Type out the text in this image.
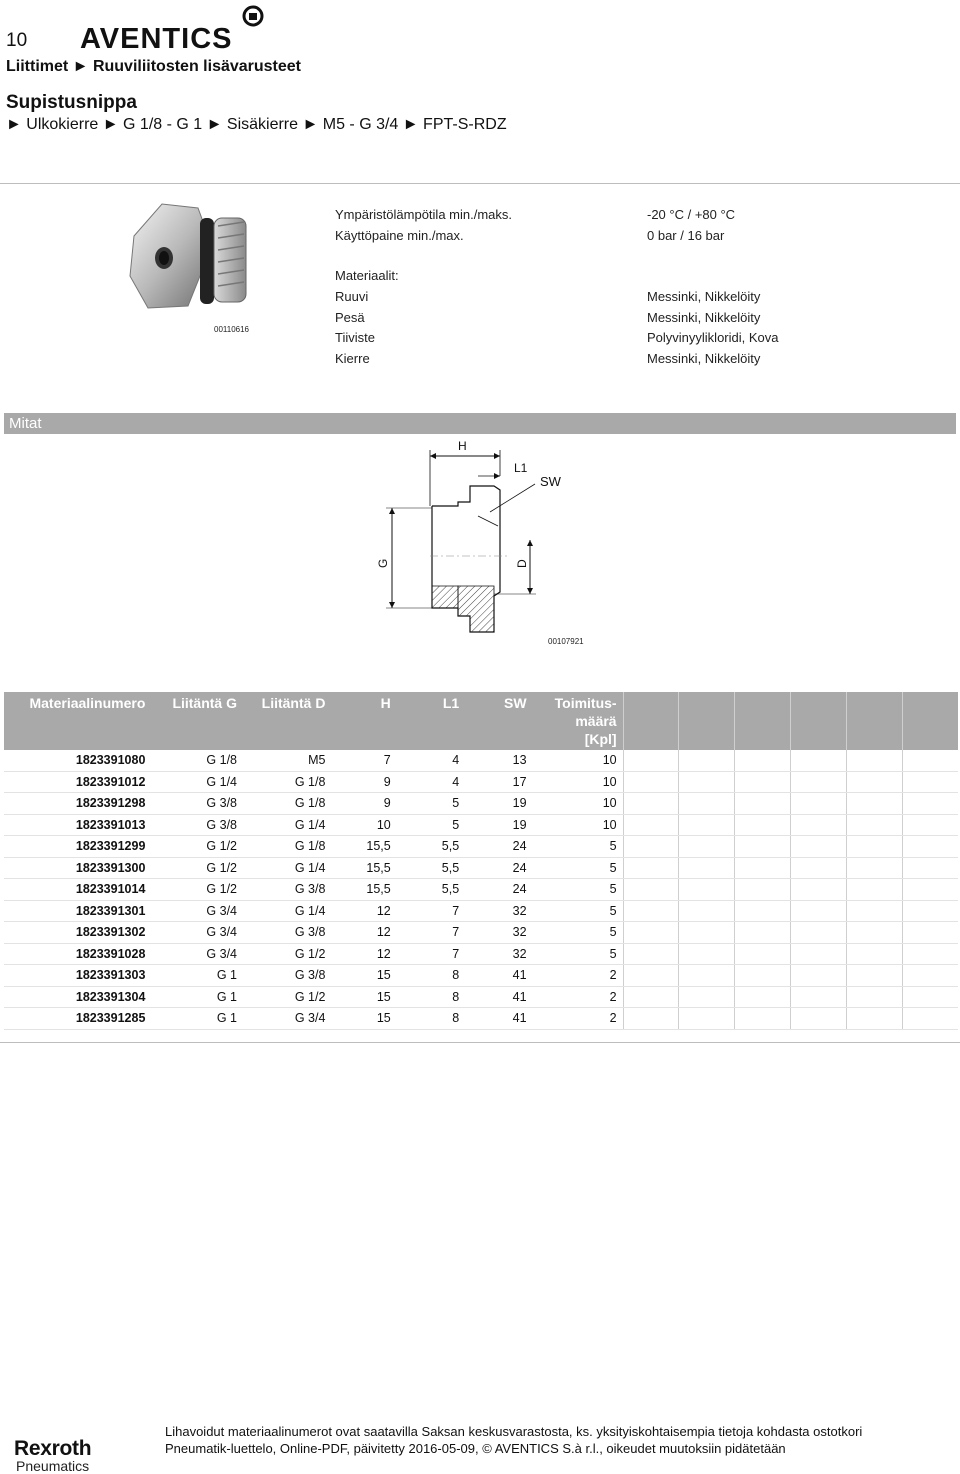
10 AVENTICS
Liittimet ► Ruuviliitosten lisävarusteet
Supistusnippa
► Ulkokierre ► G 1/8 - G 1 ► Sisäkierre ► M5 - G 3/4 ► FPT-S-RDZ
00110616
Ympäristölämpötila min./maks.	-20 °C / +80 °C
Käyttöpaine min./max.	0 bar / 16 bar
Materiaalit:
Ruuvi	Messinki, Nikkelöity
Pesä	Messinki, Nikkelöity
Tiiviste	Polyvinyylikloridi, Kova
Kierre	Messinki, Nikkelöity
Mitat
H
L1
SW
G	D
00107921
Materiaalinumero	Liitäntä G	Liitäntä D	H	L1	SW	Toimitus-
määrä
[Kpl]						

1823391080	G 1/8	M5	7	4	13	10						
1823391012	G 1/4	G 1/8	9	4	17	10						
1823391298	G 3/8	G 1/8	9	5	19	10						
1823391013	G 3/8	G 1/4	10	5	19	10						
1823391299	G 1/2	G 1/8	15,5	5,5	24	5						
1823391300	G 1/2	G 1/4	15,5	5,5	24	5						
1823391014	G 1/2	G 3/8	15,5	5,5	24	5						
1823391301	G 3/4	G 1/4	12	7	32	5						
1823391302	G 3/4	G 3/8	12	7	32	5						
1823391028	G 3/4	G 1/2	12	7	32	5						
1823391303	G 1	G 3/8	15	8	41	2						
1823391304	G 1	G 1/2	15	8	41	2						
1823391285	G 1	G 3/4	15	8	41	2						
Lihavoidut materiaalinumerot ovat saatavilla Saksan keskusvarastosta, ks. yksityiskohtaisempia tietoja kohdasta ostotkori
Pneumatik-luettelo, Online-PDF, päivitetty 2016-05-09, © AVENTICS S.à r.l., oikeudet muutoksiin pidätetään
Rexroth
Pneumatics
